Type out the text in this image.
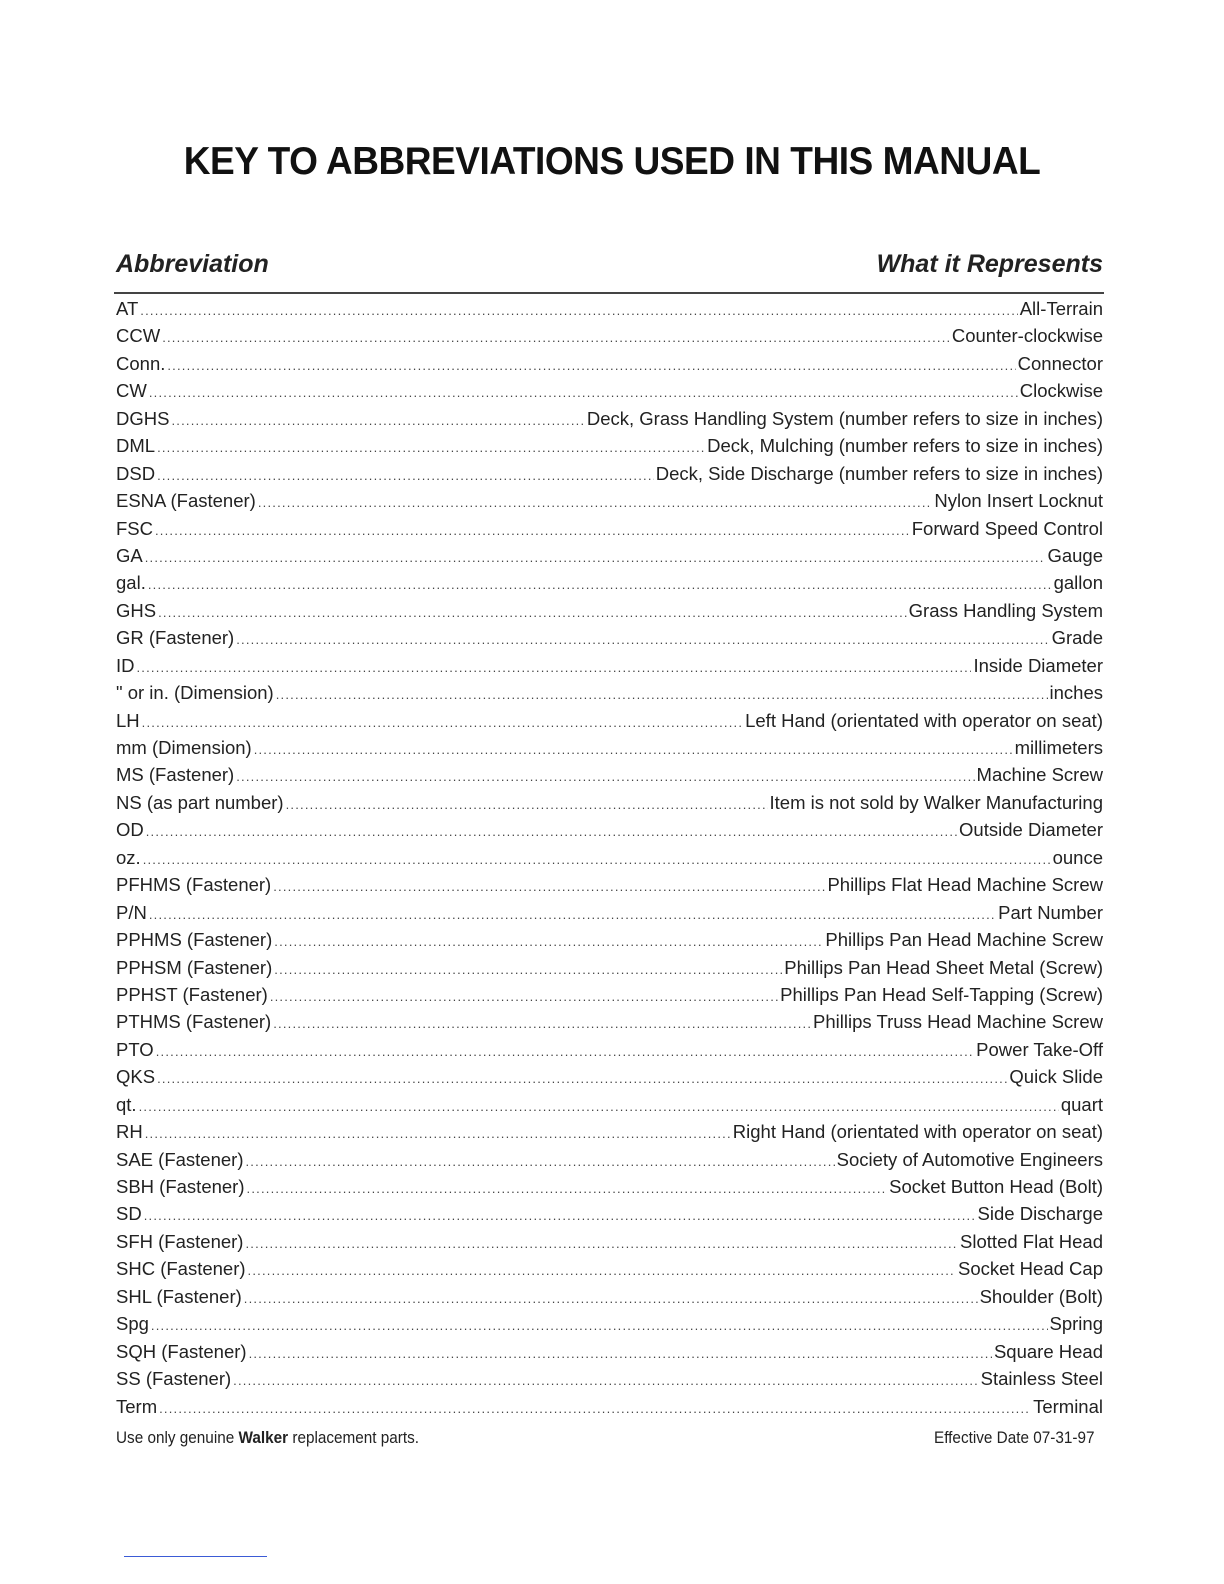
KEY TO ABBREVIATIONS USED IN THIS MANUAL
Abbreviation	What it Represents
AT .....	All-Terrain
CCW .....	Counter-clockwise
Conn. .....	Connector
CW .....	Clockwise
DGHS .....	Deck, Grass Handling System (number refers to size in inches)
DML .....	Deck, Mulching (number refers to size in inches)
DSD .....	Deck, Side Discharge (number refers to size in inches)
ESNA (Fastener) .....	Nylon Insert Locknut
FSC .....	Forward Speed Control
GA .....	Gauge
gal. .....	gallon
GHS .....	Grass Handling System
GR (Fastener) .....	Grade
ID .....	Inside Diameter
" or in. (Dimension) .....	inches
LH .....	Left Hand (orientated with operator on seat)
mm (Dimension) .....	millimeters
MS (Fastener) .....	Machine Screw
NS (as part number) .....	Item is not sold by Walker Manufacturing
OD .....	Outside Diameter
oz. .....	ounce
PFHMS (Fastener) .....	Phillips Flat Head Machine Screw
P/N .....	Part Number
PPHMS (Fastener) .....	Phillips Pan Head Machine Screw
PPHSM (Fastener) .....	Phillips Pan Head Sheet Metal (Screw)
PPHST (Fastener) .....	Phillips Pan Head Self-Tapping (Screw)
PTHMS (Fastener) .....	Phillips Truss Head Machine Screw
PTO .....	Power Take-Off
QKS .....	Quick Slide
qt. .....	quart
RH .....	Right Hand (orientated with operator on seat)
SAE (Fastener) .....	Society of Automotive Engineers
SBH (Fastener) .....	Socket Button Head (Bolt)
SD .....	Side Discharge
SFH (Fastener) .....	Slotted Flat Head
SHC (Fastener) .....	Socket Head Cap
SHL (Fastener) .....	Shoulder (Bolt)
Spg .....	Spring
SQH (Fastener) .....	Square Head
SS (Fastener) .....	Stainless Steel
Term .....	Terminal
Use only genuine Walker replacement parts.	Effective Date 07-31-97
